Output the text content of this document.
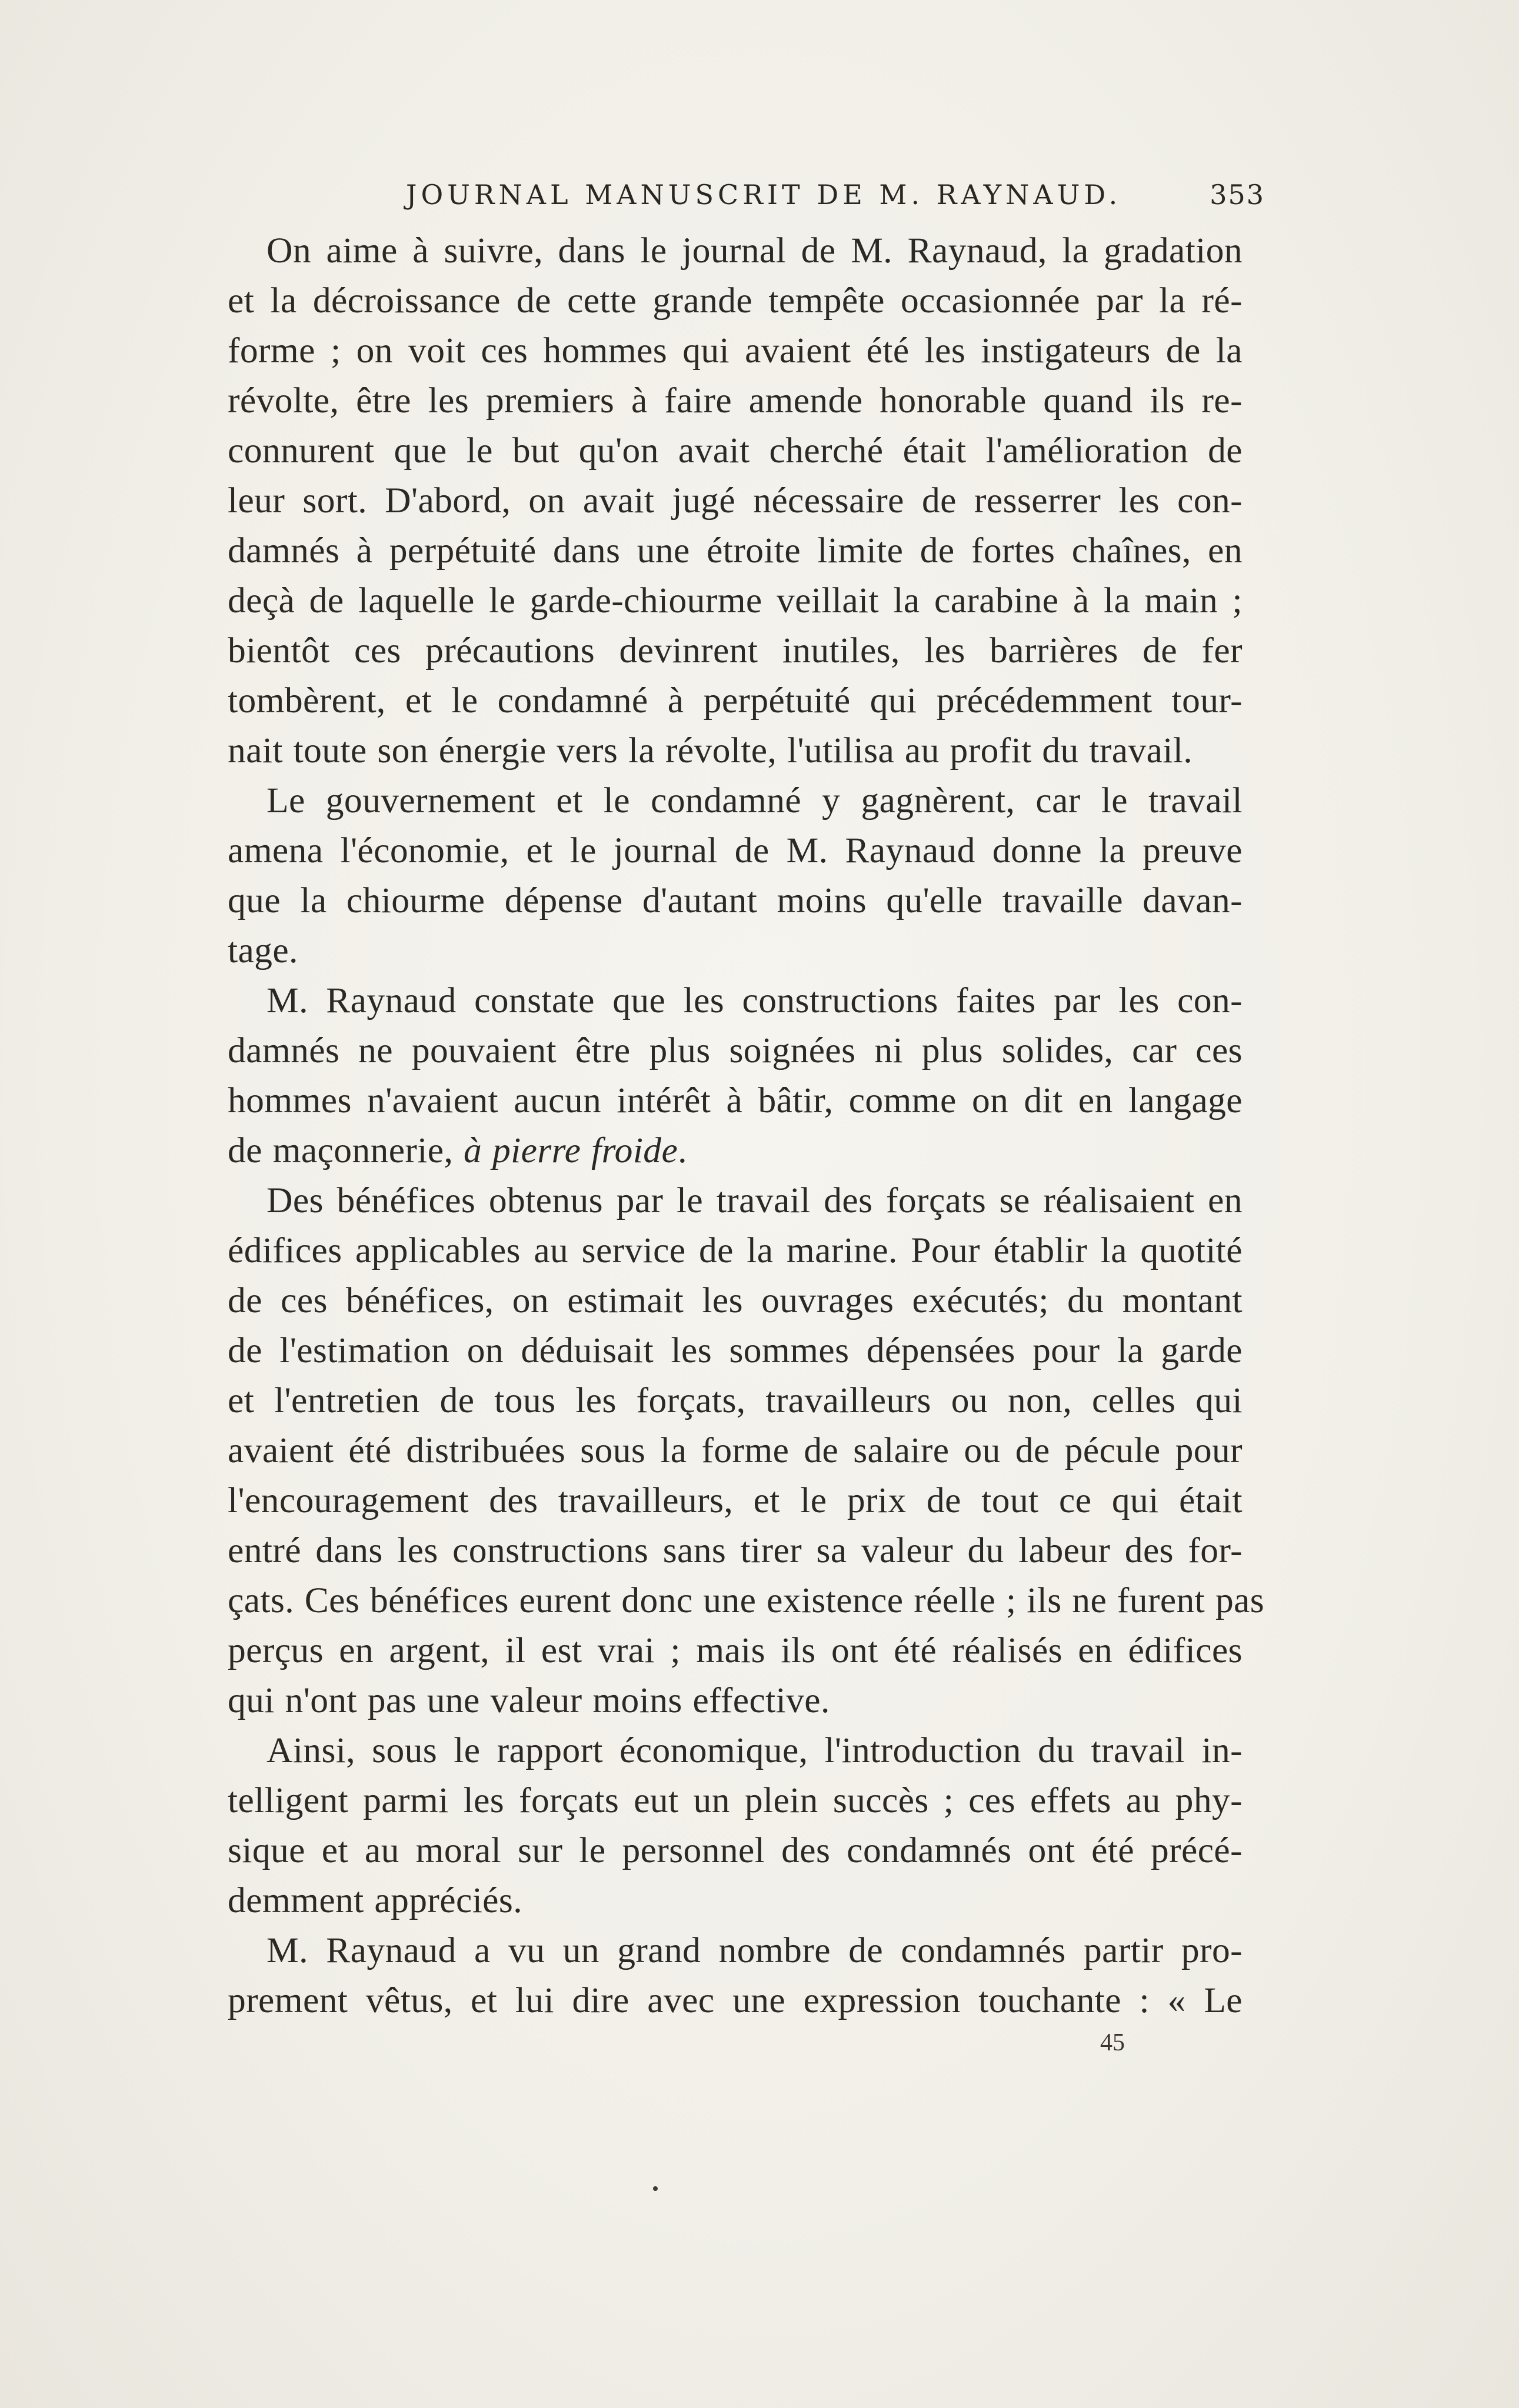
JOURNAL MANUSCRIT DE M. RAYNAUD.	353
On aime à suivre, dans le journal de M. Raynaud, la gradation
et la décroissance de cette grande tempête occasionnée par la ré-
forme ; on voit ces hommes qui avaient été les instigateurs de la
révolte, être les premiers à faire amende honorable quand ils re-
connurent que le but qu'on avait cherché était l'amélioration de
leur sort. D'abord, on avait jugé nécessaire de resserrer les con-
damnés à perpétuité dans une étroite limite de fortes chaînes, en
deçà de laquelle le garde-chiourme veillait la carabine à la main ;
bientôt ces précautions devinrent inutiles, les barrières de fer
tombèrent, et le condamné à perpétuité qui précédemment tour-
nait toute son énergie vers la révolte, l'utilisa au profit du travail.
Le gouvernement et le condamné y gagnèrent, car le travail
amena l'économie, et le journal de M. Raynaud donne la preuve
que la chiourme dépense d'autant moins qu'elle travaille davan-
tage.
M. Raynaud constate que les constructions faites par les con-
damnés ne pouvaient être plus soignées ni plus solides, car ces
hommes n'avaient aucun intérêt à bâtir, comme on dit en langage
de maçonnerie, à pierre froide.
Des bénéfices obtenus par le travail des forçats se réalisaient en
édifices applicables au service de la marine. Pour établir la quotité
de ces bénéfices, on estimait les ouvrages exécutés; du montant
de l'estimation on déduisait les sommes dépensées pour la garde
et l'entretien de tous les forçats, travailleurs ou non, celles qui
avaient été distribuées sous la forme de salaire ou de pécule pour
l'encouragement des travailleurs, et le prix de tout ce qui était
entré dans les constructions sans tirer sa valeur du labeur des for-
çats. Ces bénéfices eurent donc une existence réelle ; ils ne furent pas
perçus en argent, il est vrai ; mais ils ont été réalisés en édifices
qui n'ont pas une valeur moins effective.
Ainsi, sous le rapport économique, l'introduction du travail in-
telligent parmi les forçats eut un plein succès ; ces effets au phy-
sique et au moral sur le personnel des condamnés ont été précé-
demment appréciés.
M. Raynaud a vu un grand nombre de condamnés partir pro-
prement vêtus, et lui dire avec une expression touchante : « Le
45
